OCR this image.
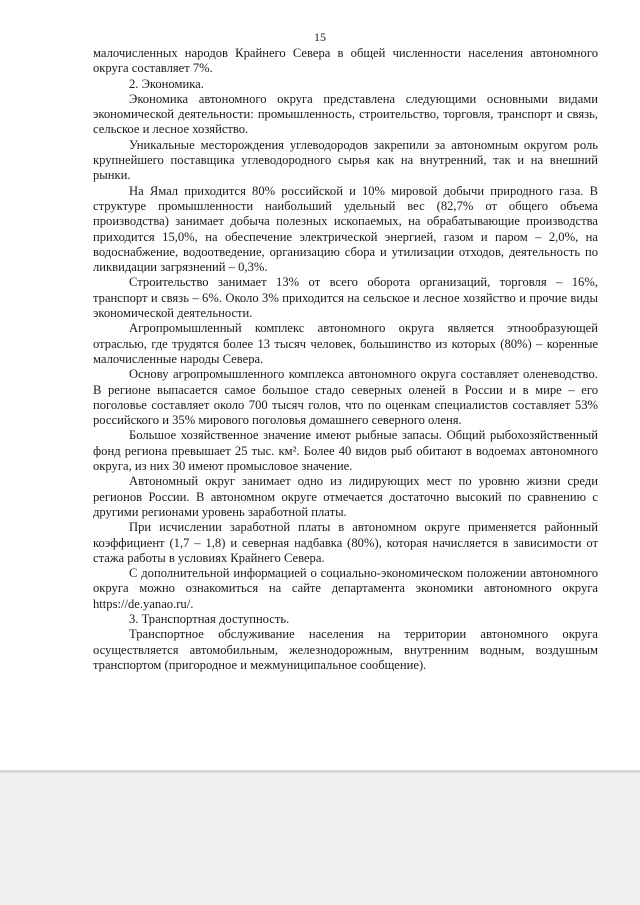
15

малочисленных народов Крайнего Севера в общей численности населения автономного округа составляет 7%.

2. Экономика.

Экономика автономного округа представлена следующими основными видами экономической деятельности: промышленность, строительство, торговля, транспорт и связь, сельское и лесное хозяйство.

Уникальные месторождения углеводородов закрепили за автономным округом роль крупнейшего поставщика углеводородного сырья как на внутренний, так и на внешний рынки.

На Ямал приходится 80% российской и 10% мировой добычи природного газа. В структуре промышленности наибольший удельный вес (82,7% от общего объема производства) занимает добыча полезных ископаемых, на обрабатывающие производства приходится 15,0%, на обеспечение электрической энергией, газом и паром – 2,0%, на водоснабжение, водоотведение, организацию сбора и утилизации отходов, деятельность по ликвидации загрязнений – 0,3%.

Строительство занимает 13% от всего оборота организаций, торговля – 16%, транспорт и связь – 6%. Около 3% приходится на сельское и лесное хозяйство и прочие виды экономической деятельности.

Агропромышленный комплекс автономного округа является этнообразующей отраслью, где трудятся более 13 тысяч человек, большинство из которых (80%) – коренные малочисленные народы Севера.

Основу агропромышленного комплекса автономного округа составляет оленеводство. В регионе выпасается самое большое стадо северных оленей в России и в мире – его поголовье составляет около 700 тысяч голов, что по оценкам специалистов составляет 53% российского и 35% мирового поголовья домашнего северного оленя.

Большое хозяйственное значение имеют рыбные запасы. Общий рыбохозяйственный фонд региона превышает 25 тыс. км². Более 40 видов рыб обитают в водоемах автономного округа, из них 30 имеют промысловое значение.

Автономный округ занимает одно из лидирующих мест по уровню жизни среди регионов России. В автономном округе отмечается достаточно высокий по сравнению с другими регионами уровень заработной платы.

При исчислении заработной платы в автономном округе применяется районный коэффициент (1,7 – 1,8) и северная надбавка (80%), которая начисляется в зависимости от стажа работы в условиях Крайнего Севера.

С дополнительной информацией о социально-экономическом положении автономного округа можно ознакомиться на сайте департамента экономики автономного округа https://de.yanao.ru/.

3. Транспортная доступность.

Транспортное обслуживание населения на территории автономного округа осуществляется автомобильным, железнодорожным, внутренним водным, воздушным транспортом (пригородное и межмуниципальное сообщение).
